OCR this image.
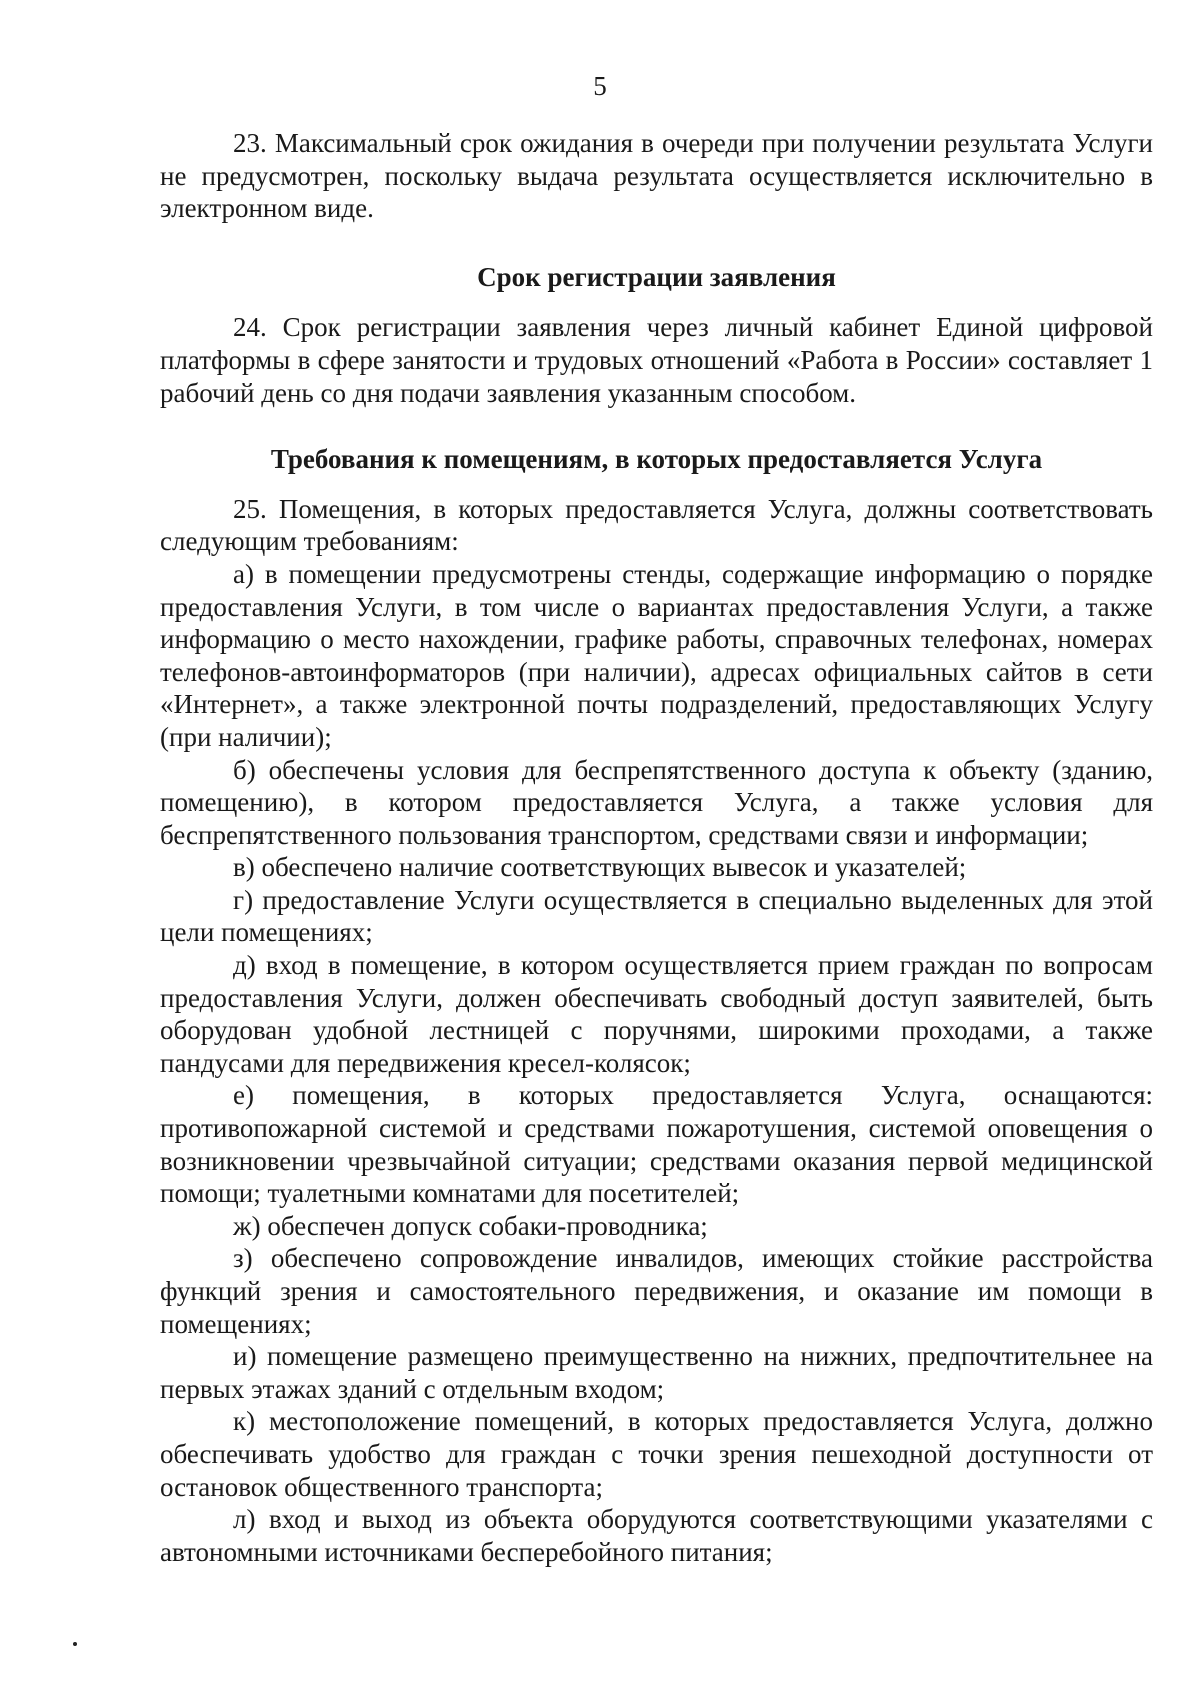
5

23. Максимальный срок ожидания в очереди при получении результата Услуги не предусмотрен, поскольку выдача результата осуществляется исключительно в электронном виде.

Срок регистрации заявления

24. Срок регистрации заявления через личный кабинет Единой цифровой платформы в сфере занятости и трудовых отношений «Работа в России» составляет 1 рабочий день со дня подачи заявления указанным способом.

Требования к помещениям, в которых предоставляется Услуга

25. Помещения, в которых предоставляется Услуга, должны соответствовать следующим требованиям:

а) в помещении предусмотрены стенды, содержащие информацию о порядке предоставления Услуги, в том числе о вариантах предоставления Услуги, а также информацию о место нахождении, графике работы, справочных телефонах, номерах телефонов-автоинформаторов (при наличии), адресах официальных сайтов в сети «Интернет», а также электронной почты подразделений, предоставляющих Услугу (при наличии);

б) обеспечены условия для беспрепятственного доступа к объекту (зданию, помещению), в котором предоставляется Услуга, а также условия для беспрепятственного пользования транспортом, средствами связи и информации;

в) обеспечено наличие соответствующих вывесок и указателей;

г) предоставление Услуги осуществляется в специально выделенных для этой цели помещениях;

д) вход в помещение, в котором осуществляется прием граждан по вопросам предоставления Услуги, должен обеспечивать свободный доступ заявителей, быть оборудован удобной лестницей с поручнями, широкими проходами, а также пандусами для передвижения кресел-колясок;

е) помещения, в которых предоставляется Услуга, оснащаются: противопожарной системой и средствами пожаротушения, системой оповещения о возникновении чрезвычайной ситуации; средствами оказания первой медицинской помощи; туалетными комнатами для посетителей;

ж) обеспечен допуск собаки-проводника;

з) обеспечено сопровождение инвалидов, имеющих стойкие расстройства функций зрения и самостоятельного передвижения, и оказание им помощи в помещениях;

и) помещение размещено преимущественно на нижних, предпочтительнее на первых этажах зданий с отдельным входом;

к) местоположение помещений, в которых предоставляется Услуга, должно обеспечивать удобство для граждан с точки зрения пешеходной доступности от остановок общественного транспорта;

л) вход и выход из объекта оборудуются соответствующими указателями с автономными источниками бесперебойного питания;
